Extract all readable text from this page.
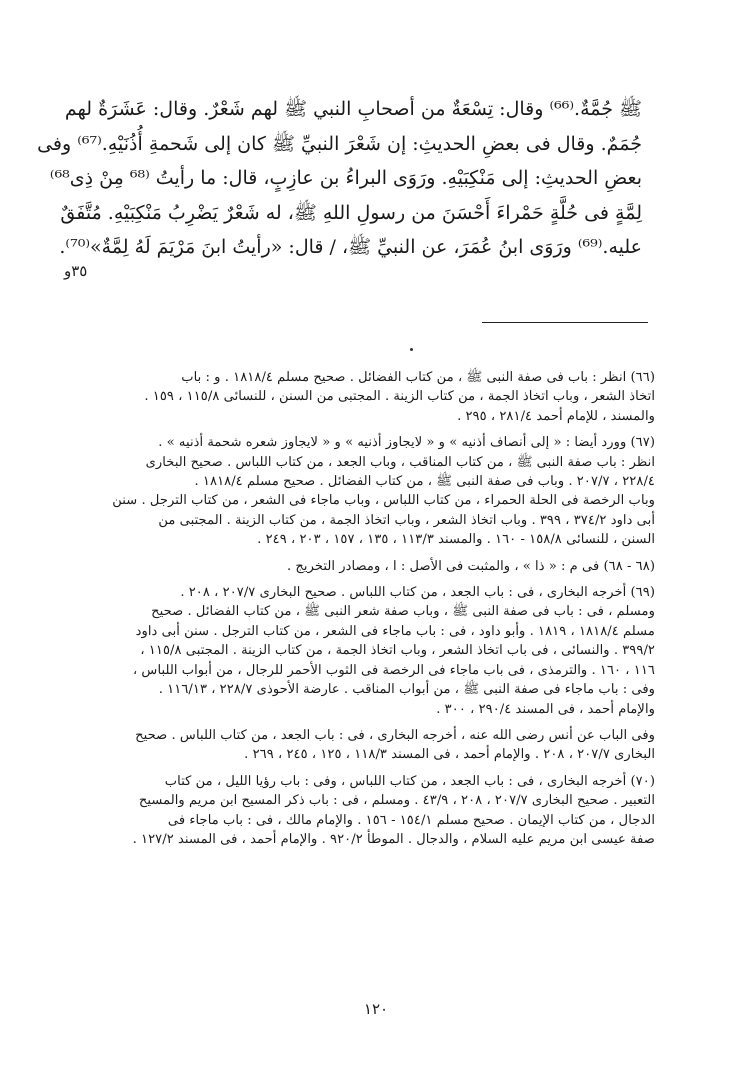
ﷺ جُمَّةٌ.⁽⁶⁶⁾ وقال: تِسْعَةٌ من أصحابِ النبي ﷺ لهم شَعْرٌ. وقال: عَشَرَةٌ لهم
جُمَمٌ. وقال فى بعضِ الحديثِ: إن شَعْرَ النبيِّ ﷺ كان إلى شَحمةِ أُذُنَيْهِ.⁽⁶⁷⁾ وفى
بعضِ الحديثِ: إلى مَنْكِبَيْهِ. ورَوَى البراءُ بن عازِبٍ، قال: ما رأيتُ ⁽⁶⁸ مِنْ ذِى⁶⁸⁾
لِمَّةٍ فى حُلَّةٍ حَمْراءَ أَحْسَنَ من رسولِ اللهِ ﷺ، له شَعْرٌ يَضْرِبُ مَنْكِبَيْهِ. مُتَّفَقٌ
عليه.⁽⁶⁹⁾ ورَوَى ابنُ عُمَرَ، عن النبيِّ ﷺ، / قال: «رأيتُ ابنَ مَرْيَمَ لَهُ لِمَّةٌ»⁽⁷⁰⁾.
٣٥و
(٦٦) انظر : باب فى صفة النبى ﷺ ، من كتاب الفضائل . صحيح مسلم ١٨١٨/٤ . و : باب
اتخاذ الشعر ، وباب اتخاذ الجمة ، من كتاب الزينة . المجتبى من السنن ، للنسائى ١١٥/٨ ، ١٥٩ .
والمسند ، للإمام أحمد ٢٨١/٤ ، ٢٩٥ .
(٦٧) وورد أيضا : « إلى أنصاف أذنيه » و « لايجاوز أذنيه » و « لايجاوز شعره شحمة أذنيه » .
انظر : باب صفة النبى ﷺ ، من كتاب المناقب ، وباب الجعد ، من كتاب اللباس . صحيح البخارى
٢٢٨/٤ ، ٢٠٧/٧ . وباب فى صفة النبى ﷺ ، من كتاب الفضائل . صحيح مسلم ١٨١٨/٤ .
وباب الرخصة فى الحلة الحمراء ، من كتاب اللباس ، وباب ماجاء فى الشعر ، من كتاب الترجل . سنن
أبى داود ٣٧٤/٢ ، ٣٩٩ . وباب اتخاذ الشعر ، وباب اتخاذ الجمة ، من كتاب الزينة . المجتبى من
السنن ، للنسائى ١٥٨/٨ - ١٦٠ . والمسند ١١٣/٣ ، ١٣٥ ، ١٥٧ ، ٢٠٣ ، ٢٤٩ .
(٦٨ - ٦٨) فى م : « ذا » ، والمثبت فى الأصل : ا ، ومصادر التخريج .
(٦٩) أخرجه البخارى ، فى : باب الجعد ، من كتاب اللباس . صحيح البخارى ٢٠٧/٧ ، ٢٠٨ .
ومسلم ، فى : باب فى صفة النبى ﷺ ، وباب صفة شعر النبى ﷺ ، من كتاب الفضائل . صحيح
مسلم ١٨١٨/٤ ، ١٨١٩ . وأبو داود ، فى : باب ماجاء فى الشعر ، من كتاب الترجل . سنن أبى داود
٣٩٩/٢ . والنسائى ، فى باب اتخاذ الشعر ، وباب اتخاذ الجمة ، من كتاب الزينة . المجتبى ١١٥/٨ ،
١١٦ ، ١٦٠ . والترمذى ، فى باب ماجاء فى الرخصة فى الثوب الأحمر للرجال ، من أبواب اللباس ،
وفى : باب ماجاء فى صفة النبى ﷺ ، من أبواب المناقب . عارضة الأحوذى ٢٢٨/٧ ، ١١٦/١٣ .
والإمام أحمد ، فى المسند ٢٩٠/٤ ، ٣٠٠ .
وفى الباب عن أنس رضى الله عنه ، أخرجه البخارى ، فى : باب الجعد ، من كتاب اللباس . صحيح
البخارى ٢٠٧/٧ ، ٢٠٨ . والإمام أحمد ، فى المسند ١١٨/٣ ، ١٢٥ ، ٢٤٥ ، ٢٦٩ .
(٧٠) أخرجه البخارى ، فى : باب الجعد ، من كتاب اللباس ، وفى : باب رؤيا الليل ، من كتاب
التعبير . صحيح البخارى ٢٠٧/٧ ، ٢٠٨ ، ٤٣/٩ . ومسلم ، فى : باب ذكر المسيح ابن مريم والمسيح
الدجال ، من كتاب الإيمان . صحيح مسلم ١٥٤/١ - ١٥٦ . والإمام مالك ، فى : باب ماجاء فى
صفة عيسى ابن مريم عليه السلام ، والدجال . الموطأ ٩٢٠/٢ . والإمام أحمد ، فى المسند ١٢٧/٢ .
١٢٠
